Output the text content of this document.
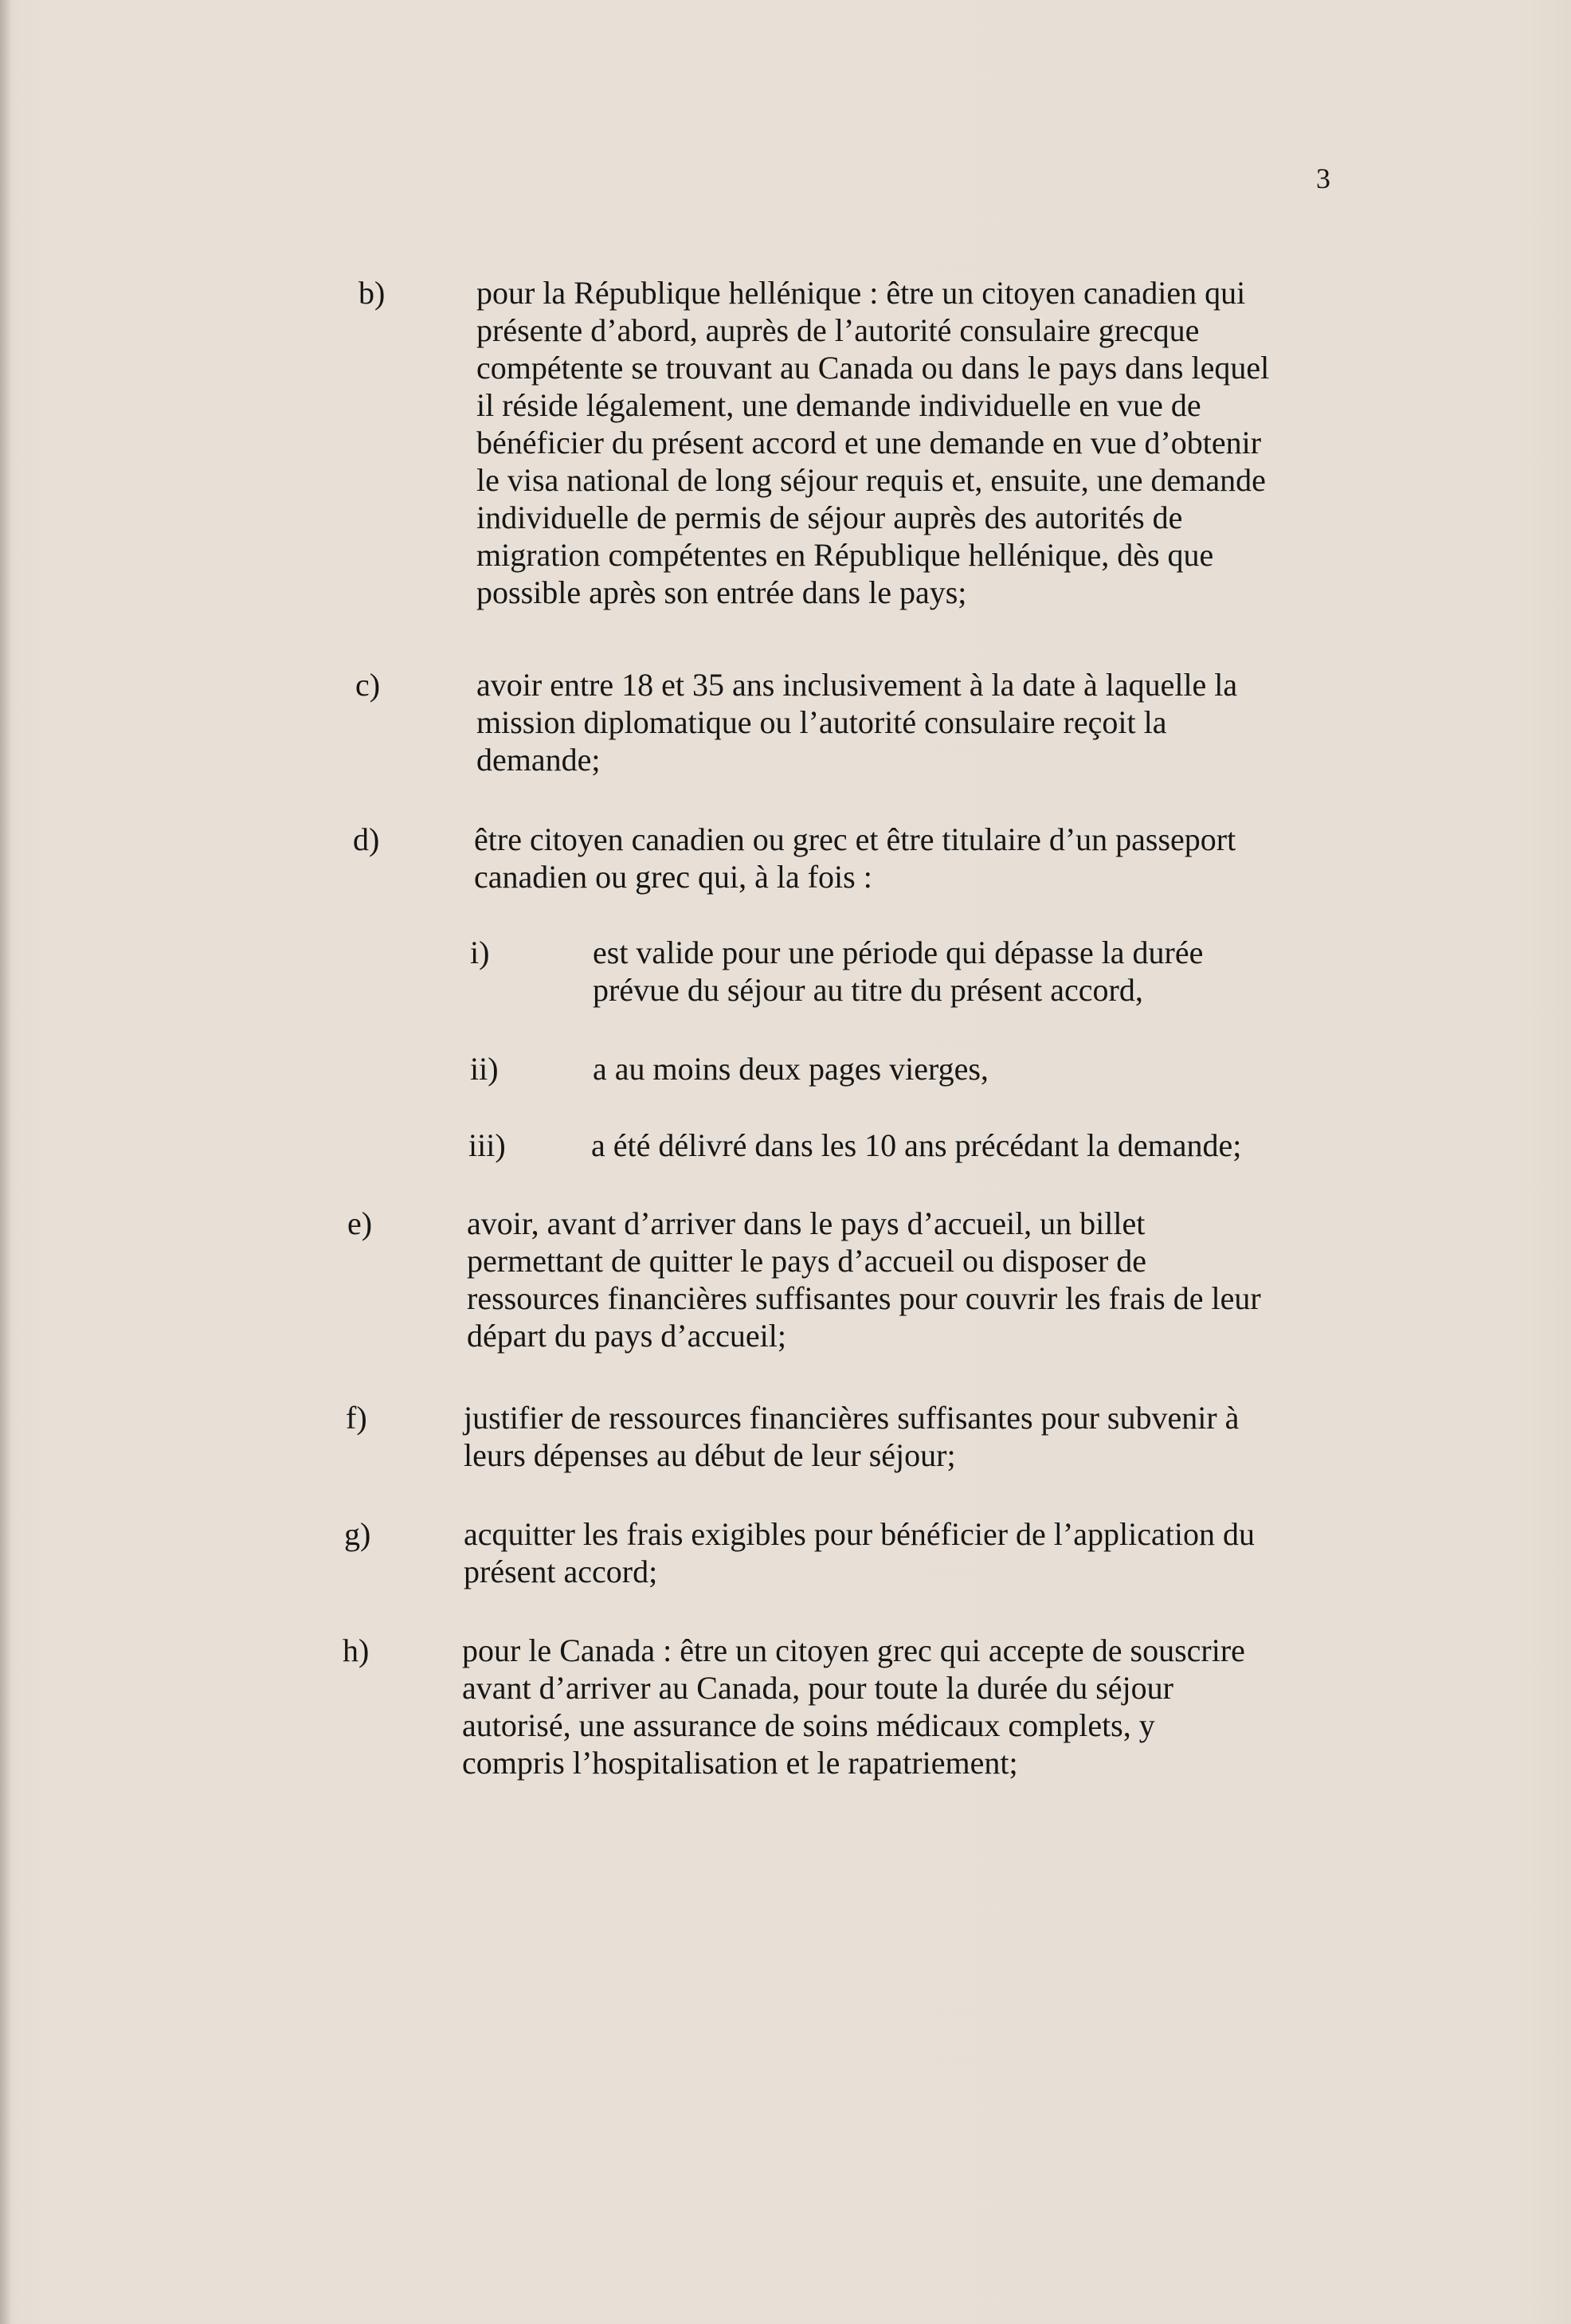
3
b)	pour la République hellénique : être un citoyen canadien qui
présente d’abord, auprès de l’autorité consulaire grecque
compétente se trouvant au Canada ou dans le pays dans lequel
il réside légalement, une demande individuelle en vue de
bénéficier du présent accord et une demande en vue d’obtenir
le visa national de long séjour requis et, ensuite, une demande
individuelle de permis de séjour auprès des autorités de
migration compétentes en République hellénique, dès que
possible après son entrée dans le pays;
c)	avoir entre 18 et 35 ans inclusivement à la date à laquelle la
mission diplomatique ou l’autorité consulaire reçoit la
demande;
d)	être citoyen canadien ou grec et être titulaire d’un passeport
canadien ou grec qui, à la fois :
i)	est valide pour une période qui dépasse la durée
prévue du séjour au titre du présent accord,
ii)	a au moins deux pages vierges,
iii)	a été délivré dans les 10 ans précédant la demande;
e)	avoir, avant d’arriver dans le pays d’accueil, un billet
permettant de quitter le pays d’accueil ou disposer de
ressources financières suffisantes pour couvrir les frais de leur
départ du pays d’accueil;
f)	justifier de ressources financières suffisantes pour subvenir à
leurs dépenses au début de leur séjour;
g)	acquitter les frais exigibles pour bénéficier de l’application du
présent accord;
h)	pour le Canada : être un citoyen grec qui accepte de souscrire
avant d’arriver au Canada, pour toute la durée du séjour
autorisé, une assurance de soins médicaux complets, y
compris l’hospitalisation et le rapatriement;
